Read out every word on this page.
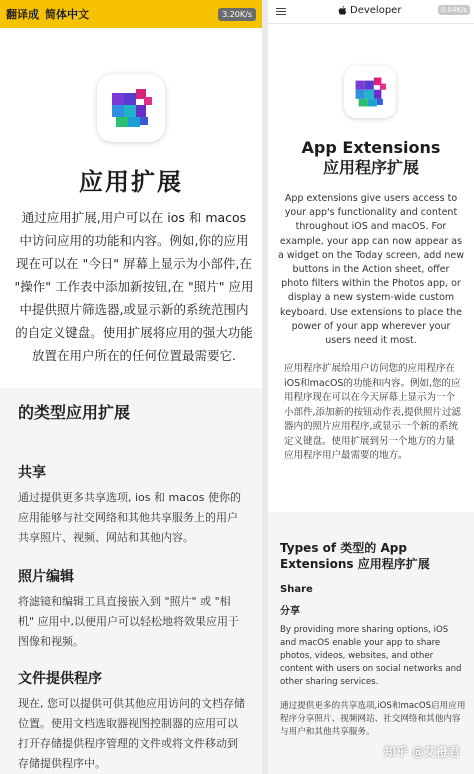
翻译成 简体中文	3.20K/s
应用扩展
通过应用扩展,用户可以在 ios 和 macos 中访问应用的功能和内容。例如,你的应用现在可以在 "今日" 屏幕上显示为小部件,在 "操作" 工作表中添加新按钮,在 "照片" 应用中提供照片筛选器,或显示新的系统范围内的自定义键盘。使用扩展将应用的强大功能放置在用户所在的任何位置最需要它.
的类型应用扩展
共享
通过提供更多共享选项, ios 和 macos 使你的应用能够与社交网络和其他共享服务上的用户共享照片、视频、网站和其他内容。
照片编辑
将滤镜和编辑工具直接嵌入到 "照片" 或 "相机" 应用中,以便用户可以轻松地将效果应用于图像和视频。
文件提供程序
现在, 您可以提供可供其他应用访问的文档存储位置。使用文档选取器视图控制器的应用可以打开存储提供程序管理的文件或将文件移动到存储提供程序中。
Developer	0.04K/s
App Extensions
应用程序扩展
App extensions give users access to your app's functionality and content throughout iOS and macOS. For example, your app can now appear as a widget on the Today screen, add new buttons in the Action sheet, offer photo filters within the Photos app, or display a new system-wide custom keyboard. Use extensions to place the power of your app wherever your users need it most.
应用程序扩展给用户访问您的应用程序在iOS和macOS的功能和内容。例如,您的应用程序现在可以在今天屏幕上显示为一个小部件,添加新的按钮动作表,提供照片过滤器内的照片应用程序,或显示一个新的系统定义键盘。使用扩展到另一个地方的力量应用程序用户最需要的地方。
Types of 类型的 App Extensions 应用程序扩展
Share
分享
By providing more sharing options, iOS and macOS enable your app to share photos, videos, websites, and other content with users on social networks and other sharing services.
通过提供更多的共享选项,iOS和macOS启用应用程序分享照片、视频网站、社交网络和其他内容与用户和其他共享服务。
知乎 @艾橙君
